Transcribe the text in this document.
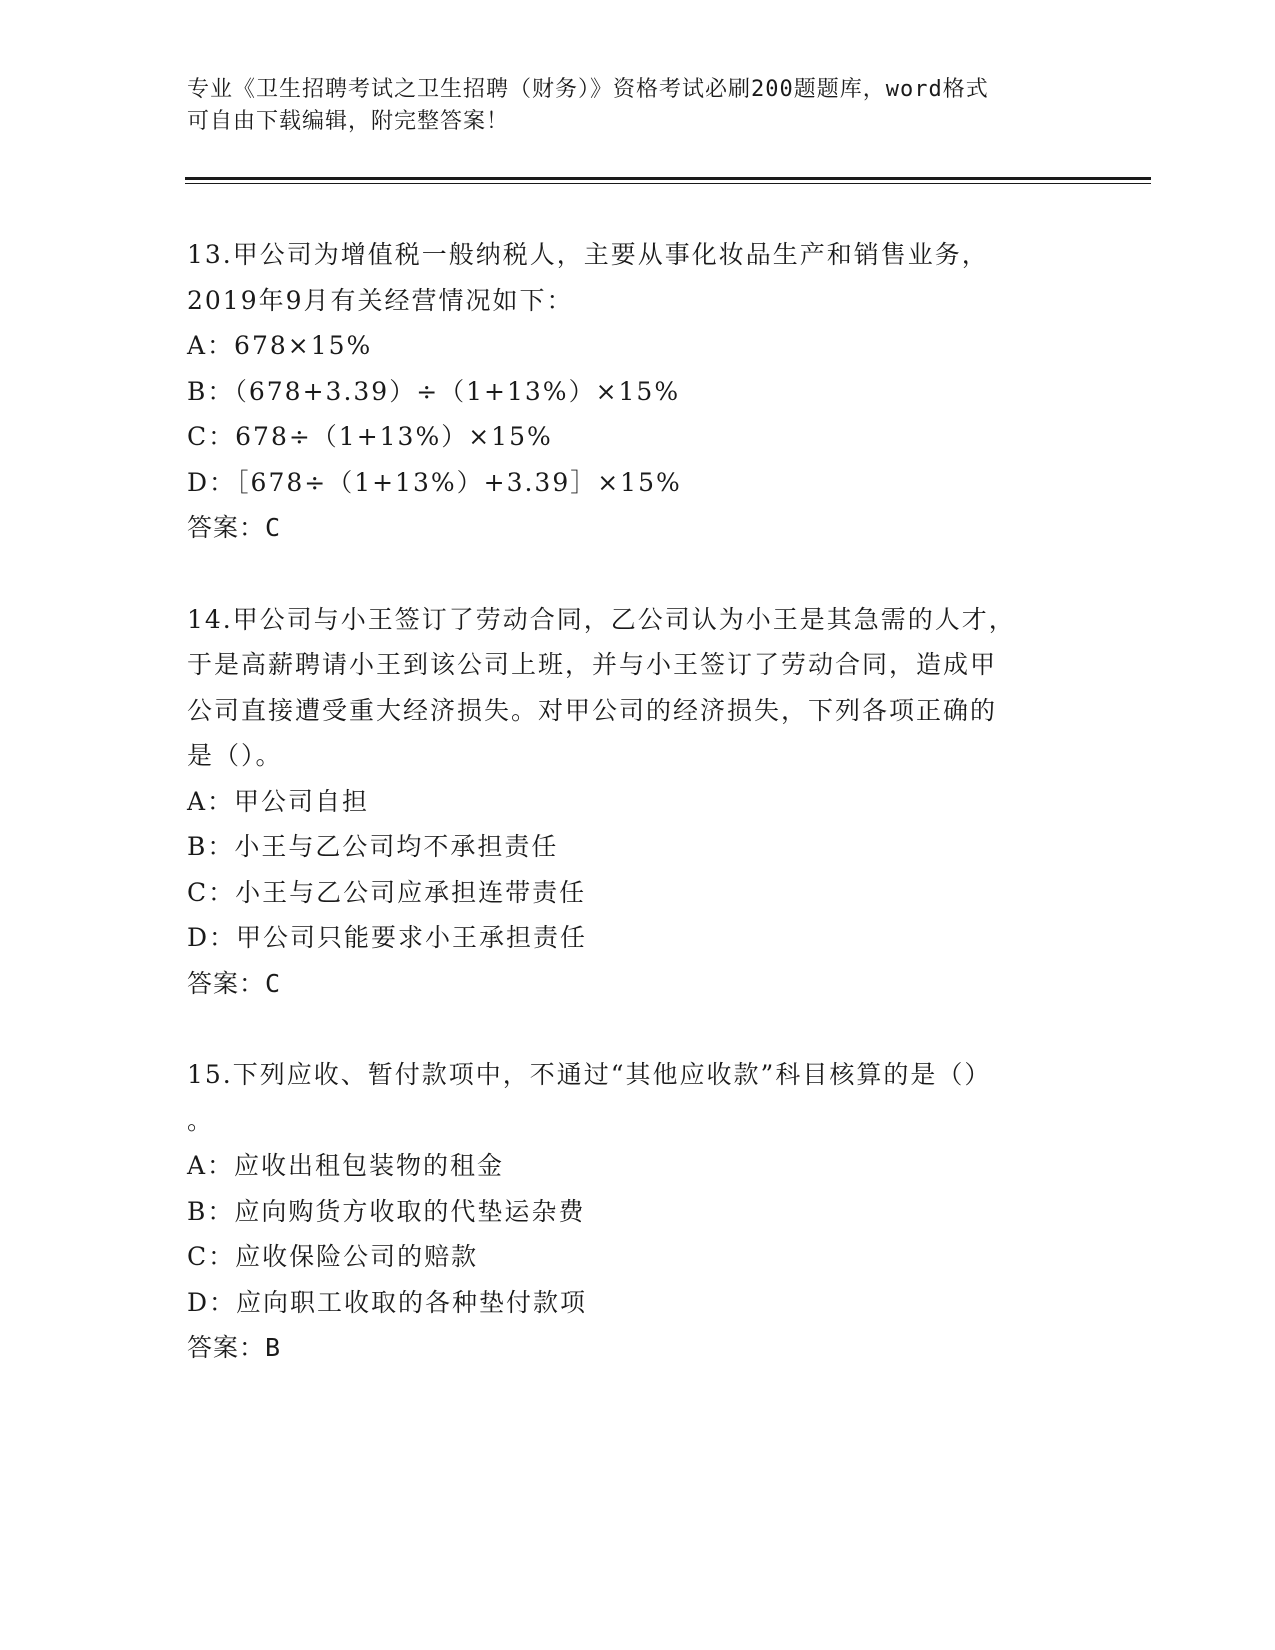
专业《卫生招聘考试之卫生招聘（财务）》资格考试必刷200题题库，word格式
可自由下载编辑，附完整答案！
13.甲公司为增值税一般纳税人，主要从事化妆品生产和销售业务，
2019年9月有关经营情况如下：
A：678×15%
B：（678+3.39）÷（1+13%）×15%
C：678÷（1+13%）×15%
D：［678÷（1+13%）+3.39］×15%
答案：C
14.甲公司与小王签订了劳动合同，乙公司认为小王是其急需的人才，
于是高薪聘请小王到该公司上班，并与小王签订了劳动合同，造成甲
公司直接遭受重大经济损失。对甲公司的经济损失，下列各项正确的
是（）。
A：甲公司自担
B：小王与乙公司均不承担责任
C：小王与乙公司应承担连带责任
D：甲公司只能要求小王承担责任
答案：C
15.下列应收、暂付款项中，不通过“其他应收款”科目核算的是（）
。
A：应收出租包装物的租金
B：应向购货方收取的代垫运杂费
C：应收保险公司的赔款
D：应向职工收取的各种垫付款项
答案：B
